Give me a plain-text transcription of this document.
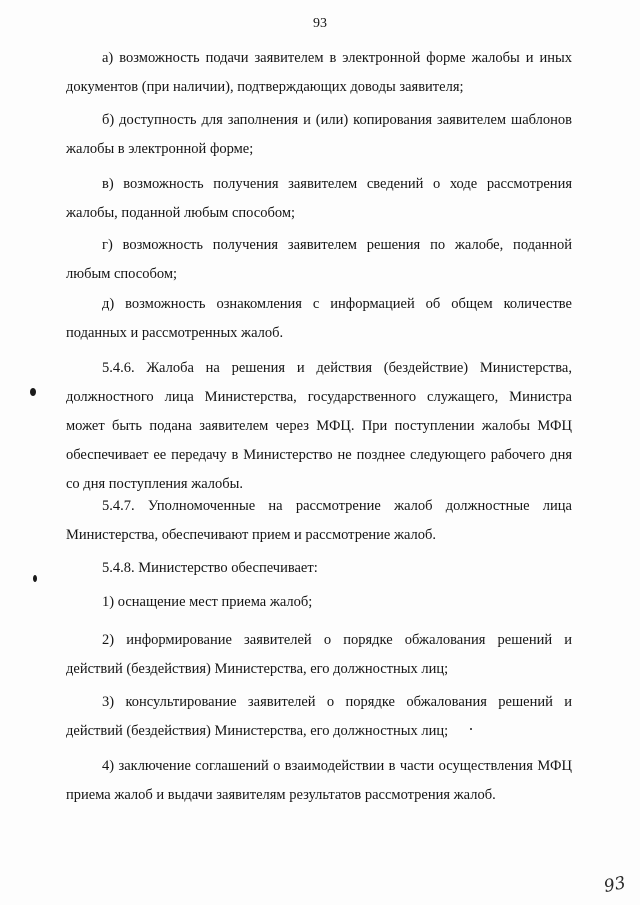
93

а) возможность подачи заявителем в электронной форме жалобы и иных документов (при наличии), подтверждающих доводы заявителя;

б) доступность для заполнения и (или) копирования заявителем шаблонов жалобы в электронной форме;

в) возможность получения заявителем сведений о ходе рассмотрения жалобы, поданной любым способом;

г) возможность получения заявителем решения по жалобе, поданной любым способом;

д) возможность ознакомления с информацией об общем количестве поданных и рассмотренных жалоб.

5.4.6. Жалоба на решения и действия (бездействие) Министерства, должностного лица Министерства, государственного служащего, Министра может быть подана заявителем через МФЦ. При поступлении жалобы МФЦ обеспечивает ее передачу в Министерство не позднее следующего рабочего дня со дня поступления жалобы.

5.4.7. Уполномоченные на рассмотрение жалоб должностные лица Министерства, обеспечивают прием и рассмотрение жалоб.

5.4.8. Министерство обеспечивает:

1) оснащение мест приема жалоб;

2) информирование заявителей о порядке обжалования решений и действий (бездействия) Министерства, его должностных лиц;

3) консультирование заявителей о порядке обжалования решений и действий (бездействия) Министерства, его должностных лиц;

4) заключение соглашений о взаимодействии в части осуществления МФЦ приема жалоб и выдачи заявителям результатов рассмотрения жалоб.

93
